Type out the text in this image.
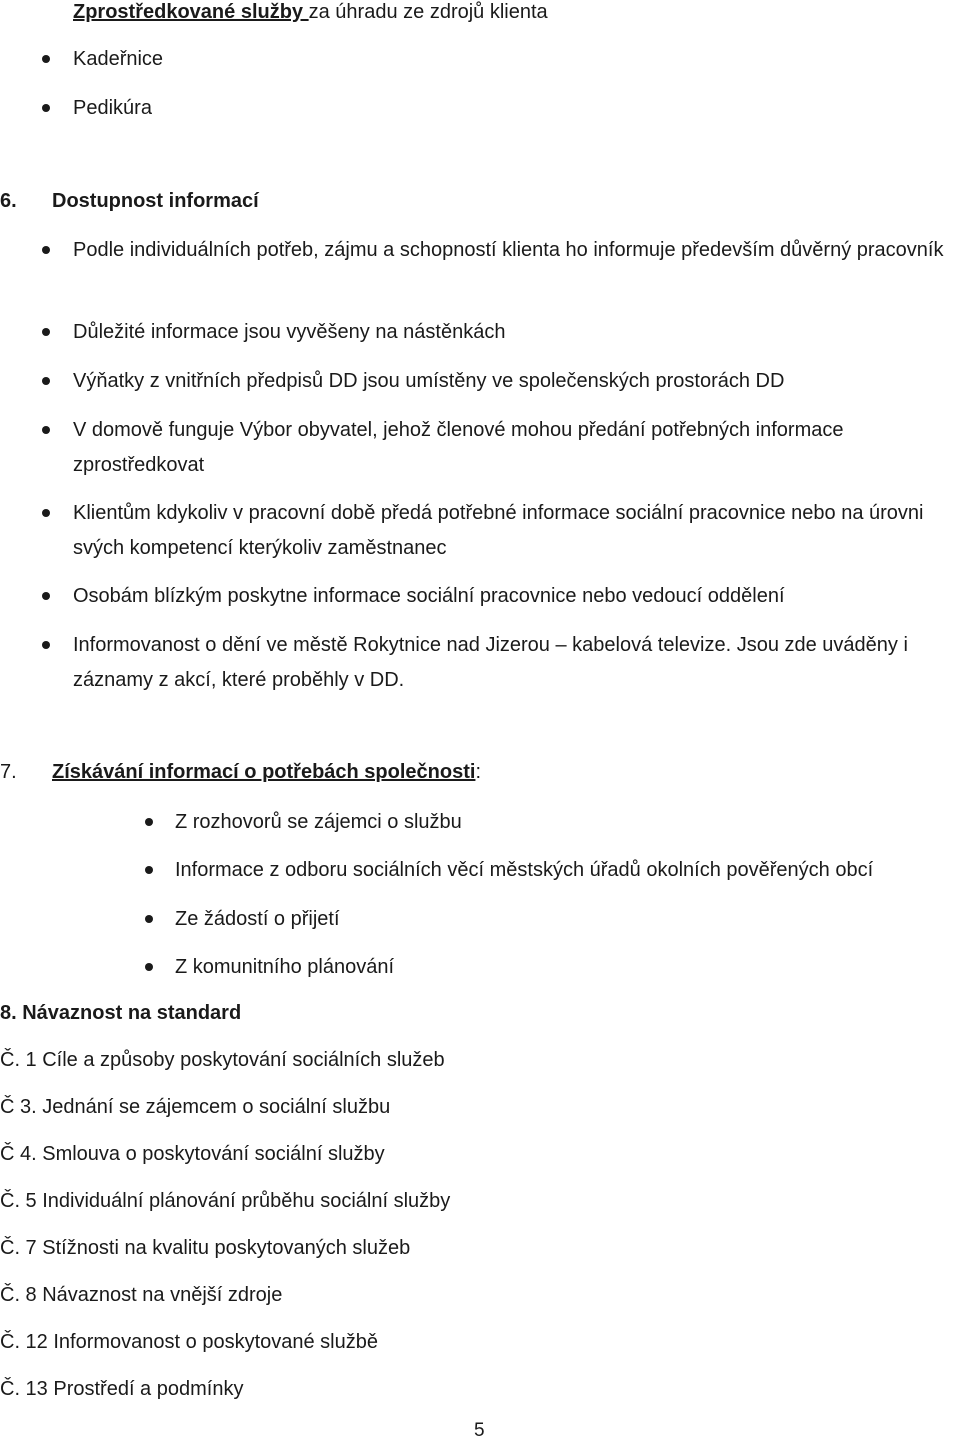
Zprostředkované služby za úhradu ze zdrojů klienta
Kadeřnice
Pedikúra
6. Dostupnost informací
Podle individuálních potřeb, zájmu a schopností klienta ho informuje především důvěrný pracovník
Důležité informace jsou vyvěšeny na nástěnkách
Výňatky z vnitřních předpisů DD jsou umístěny ve společenských prostorách DD
V domově funguje Výbor obyvatel, jehož členové mohou předání potřebných informace zprostředkovat
Klientům kdykoliv v pracovní době předá potřebné informace sociální pracovnice nebo na úrovni svých kompetencí kterýkoliv zaměstnanec
Osobám blízkým poskytne informace sociální pracovnice nebo vedoucí oddělení
Informovanost o dění ve městě Rokytnice nad Jizerou – kabelová televize. Jsou zde uváděny i záznamy z akcí, které proběhly v DD.
7. Získávání informací o potřebách společnosti:
Z rozhovorů se zájemci o službu
Informace z odboru sociálních věcí městských úřadů okolních pověřených obcí
Ze žádostí o přijetí
Z komunitního plánování
8. Návaznost na standard
Č. 1 Cíle a způsoby poskytování sociálních služeb
Č 3. Jednání se zájemcem o sociální službu
Č 4. Smlouva o poskytování sociální služby
Č. 5 Individuální plánování průběhu sociální služby
Č. 7 Stížnosti na kvalitu poskytovaných služeb
Č. 8 Návaznost na vnější zdroje
Č. 12 Informovanost o poskytované službě
Č. 13 Prostředí a podmínky
5
